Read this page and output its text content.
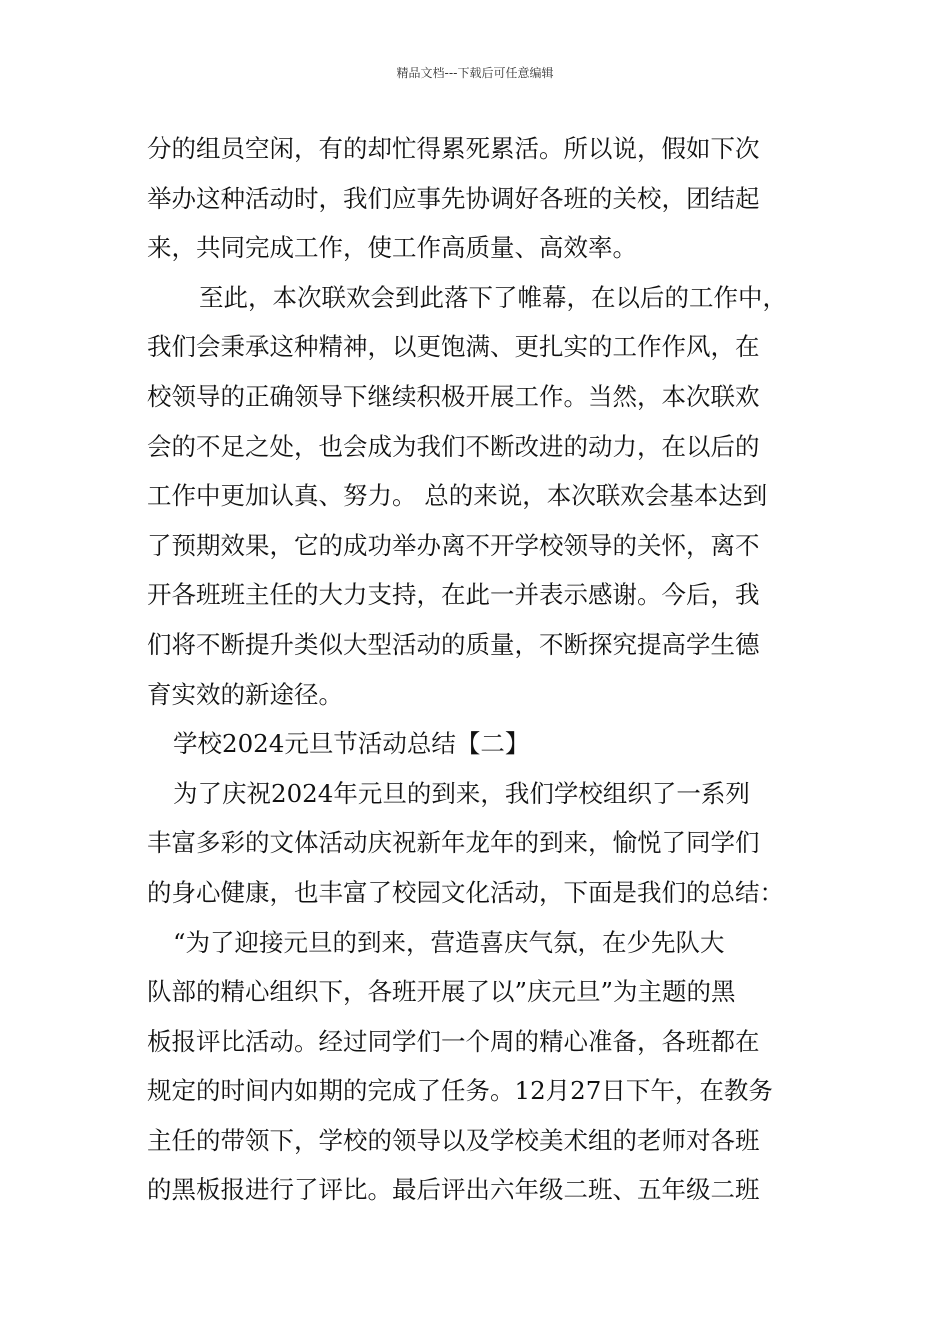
精品文档---下载后可任意编辑
分的组员空闲，有的却忙得累死累活。所以说，假如下次
举办这种活动时，我们应事先协调好各班的关校，团结起
来，共同完成工作，使工作高质量、高效率。
至此，本次联欢会到此落下了帷幕，在以后的工作中，
我们会秉承这种精神，以更饱满、更扎实的工作作风，在
校领导的正确领导下继续积极开展工作。当然，本次联欢
会的不足之处，也会成为我们不断改进的动力，在以后的
工作中更加认真、努力。 总的来说，本次联欢会基本达到
了预期效果，它的成功举办离不开学校领导的关怀，离不
开各班班主任的大力支持，在此一并表示感谢。今后，我
们将不断提升类似大型活动的质量，不断探究提高学生德
育实效的新途径。
学校2024元旦节活动总结【二】
为了庆祝2024年元旦的到来，我们学校组织了一系列
丰富多彩的文体活动庆祝新年龙年的到来，愉悦了同学们
的身心健康，也丰富了校园文化活动，下面是我们的总结：
“为了迎接元旦的到来，营造喜庆气氛，在少先队大
队部的精心组织下，各班开展了以”庆元旦”为主题的黑
板报评比活动。经过同学们一个周的精心准备，各班都在
规定的时间内如期的完成了任务。12月27日下午，在教务
主任的带领下，学校的领导以及学校美术组的老师对各班
的黑板报进行了评比。最后评出六年级二班、五年级二班
